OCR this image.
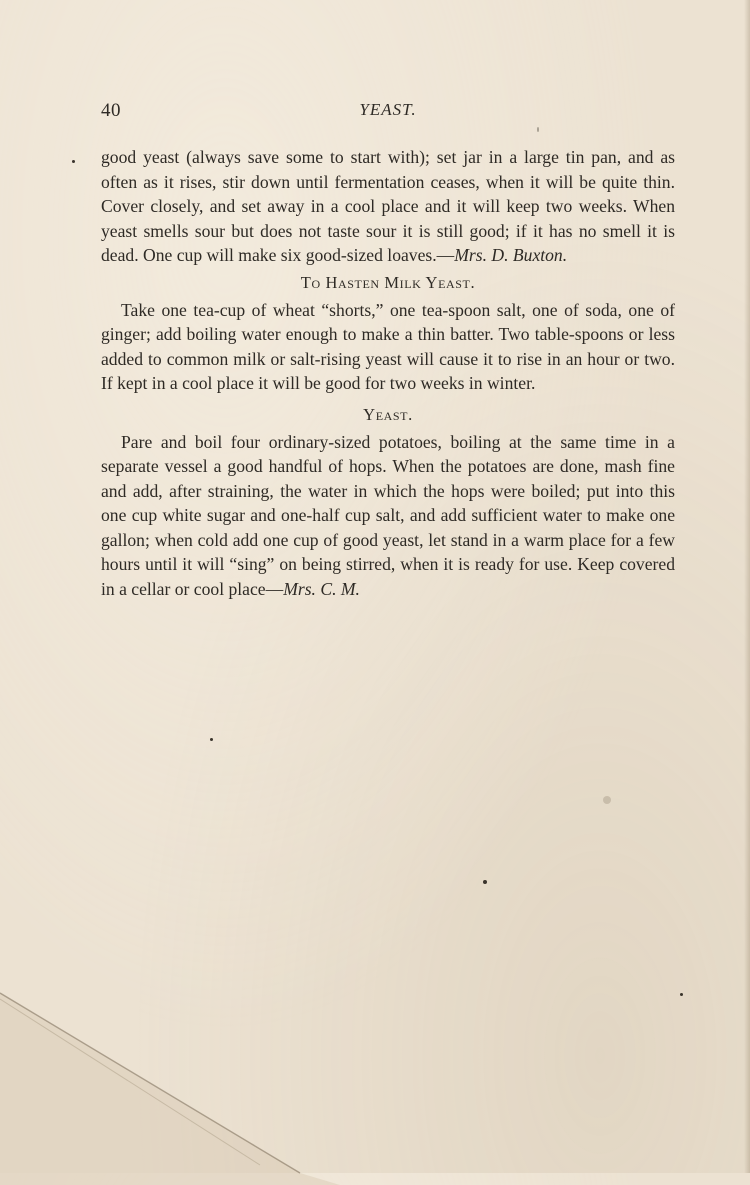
40	YEAST.

good yeast (always save some to start with); set jar in a large tin pan, and as often as it rises, stir down until fermentation ceases, when it will be quite thin. Cover closely, and set away in a cool place and it will keep two weeks. When yeast smells sour but does not taste sour it is still good; if it has no smell it is dead. One cup will make six good-sized loaves.—Mrs. D. Buxton.

To Hasten Milk Yeast.

Take one tea-cup of wheat “shorts,” one tea-spoon salt, one of soda, one of ginger; add boiling water enough to make a thin batter. Two table-spoons or less added to common milk or salt-rising yeast will cause it to rise in an hour or two. If kept in a cool place it will be good for two weeks in winter.

Yeast.

Pare and boil four ordinary-sized potatoes, boiling at the same time in a separate vessel a good handful of hops. When the potatoes are done, mash fine and add, after straining, the water in which the hops were boiled; put into this one cup white sugar and one-half cup salt, and add sufficient water to make one gallon; when cold add one cup of good yeast, let stand in a warm place for a few hours until it will “sing” on being stirred, when it is ready for use. Keep covered in a cellar or cool place—Mrs. C. M.
